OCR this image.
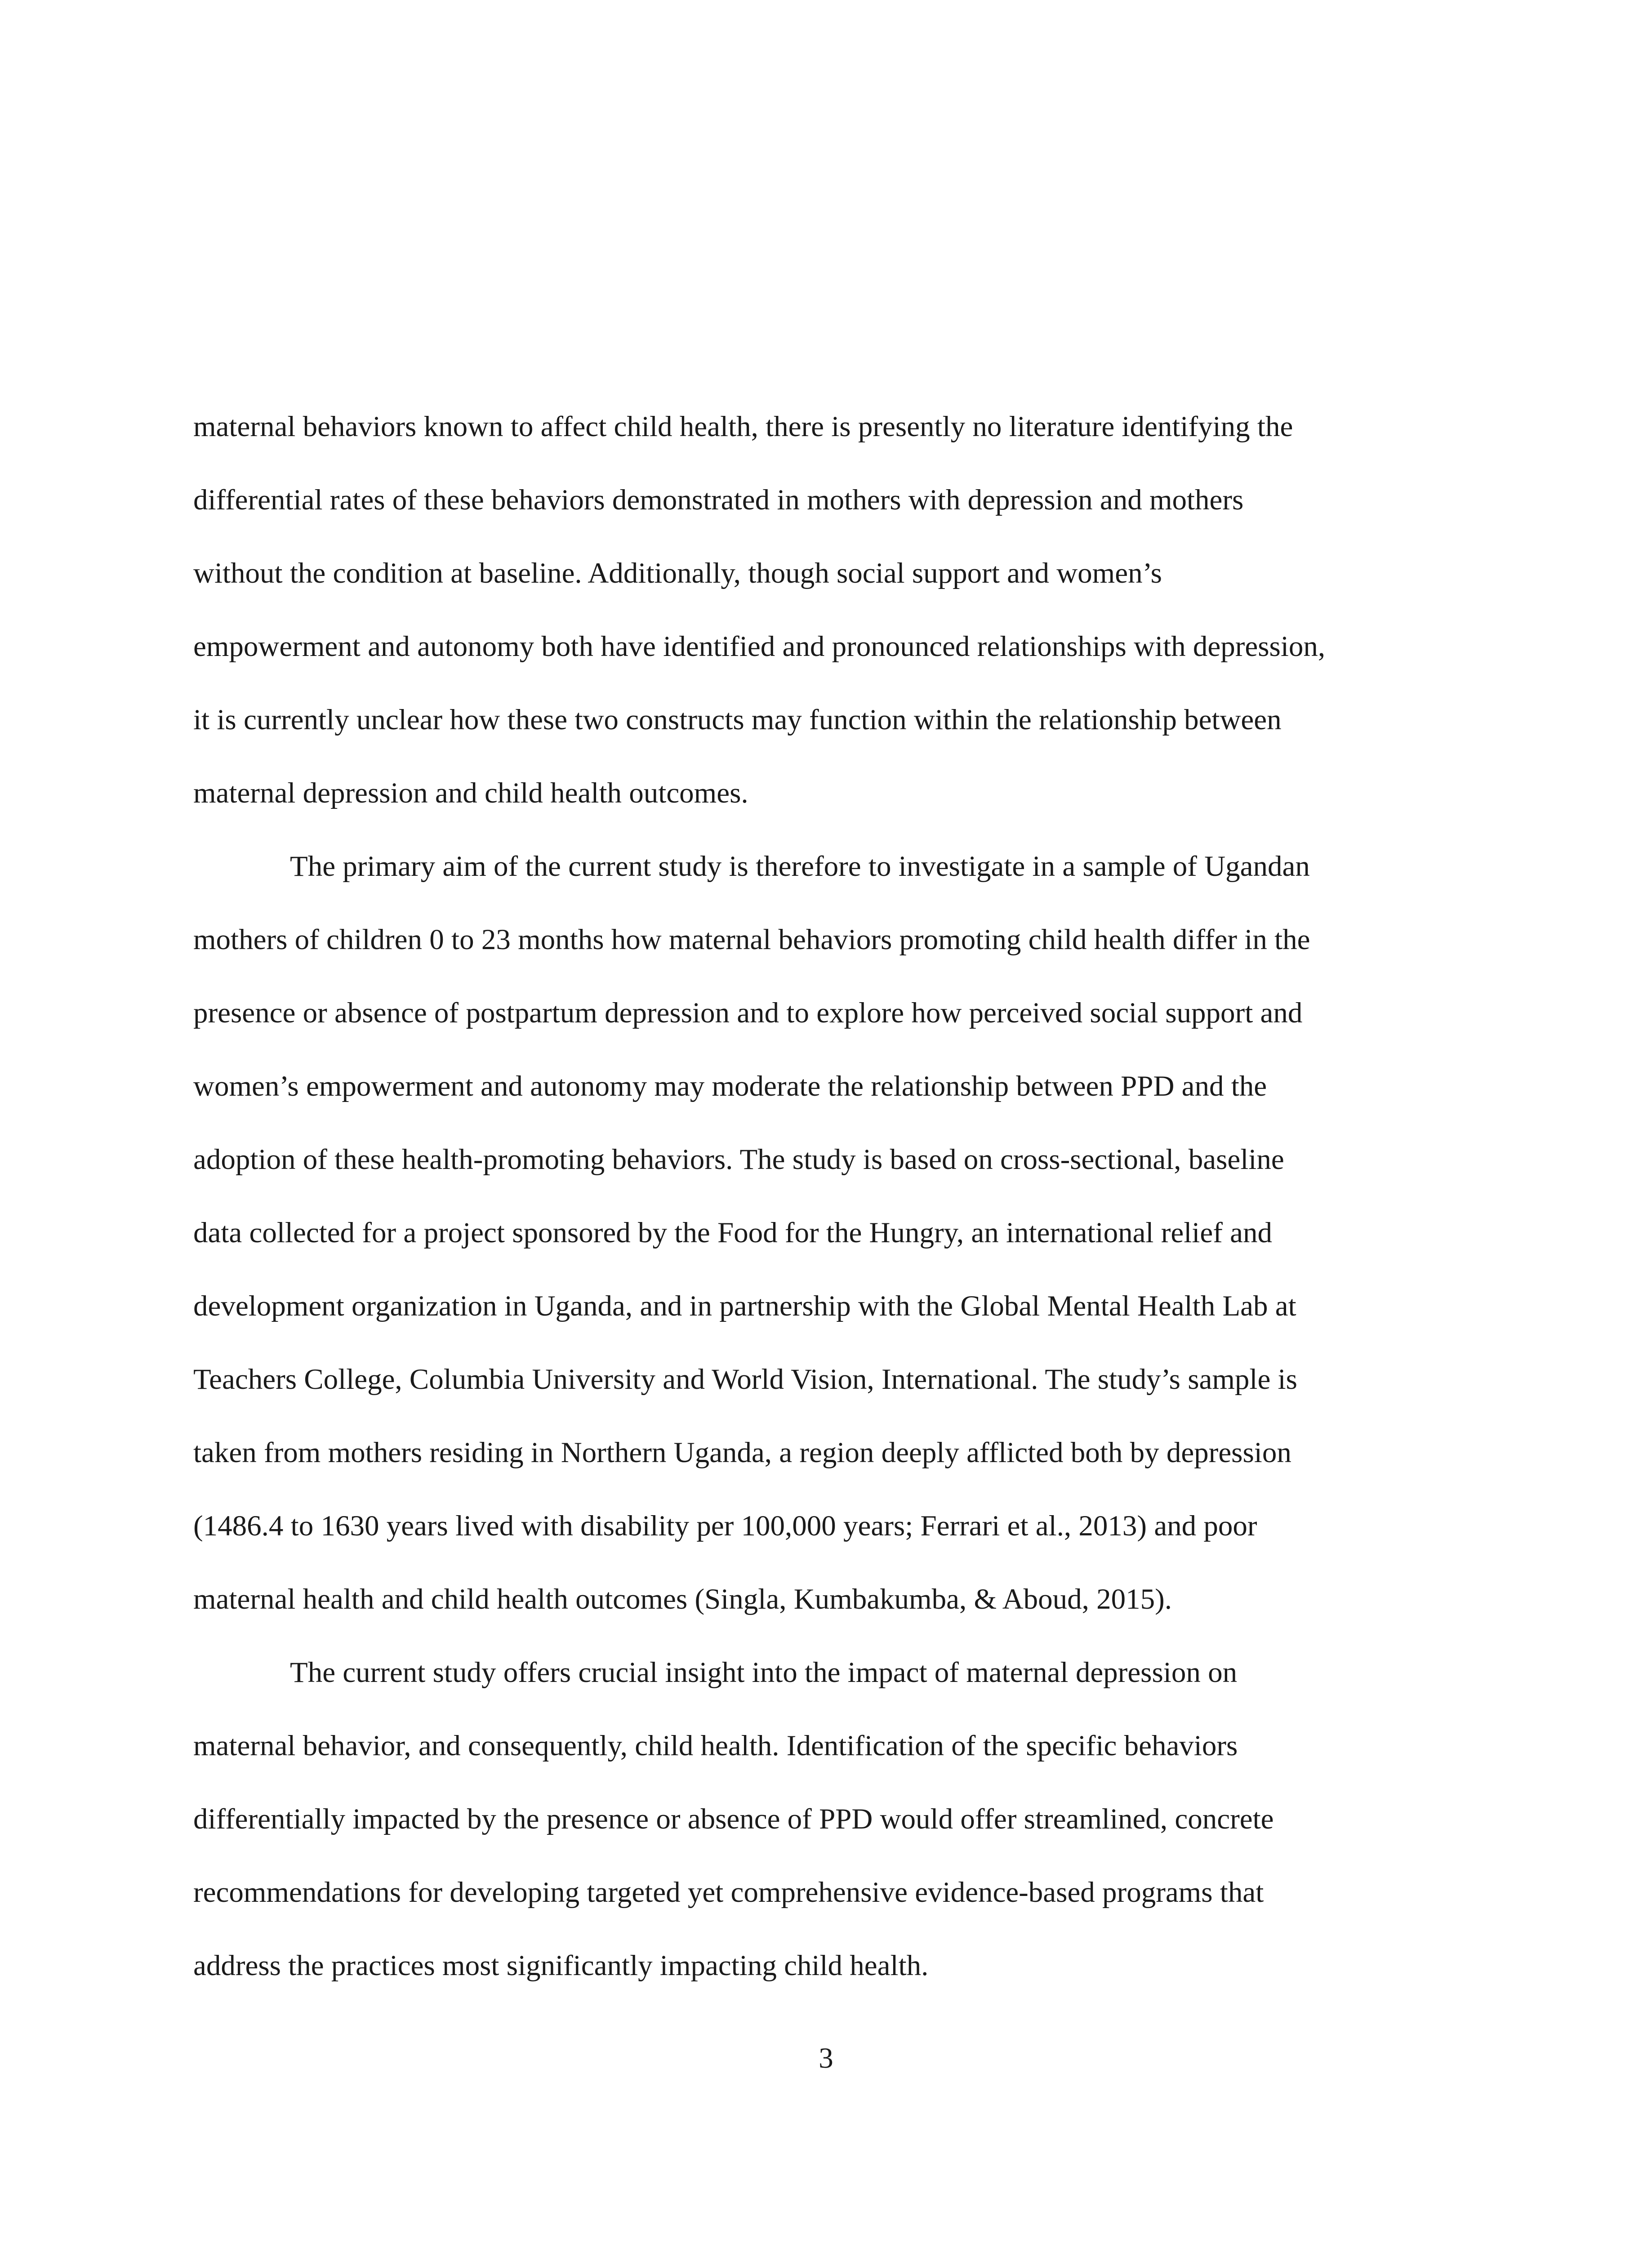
maternal behaviors known to affect child health, there is presently no literature identifying the
differential rates of these behaviors demonstrated in mothers with depression and mothers
without the condition at baseline. Additionally, though social support and women’s
empowerment and autonomy both have identified and pronounced relationships with depression,
it is currently unclear how these two constructs may function within the relationship between
maternal depression and child health outcomes.
The primary aim of the current study is therefore to investigate in a sample of Ugandan
mothers of children 0 to 23 months how maternal behaviors promoting child health differ in the
presence or absence of postpartum depression and to explore how perceived social support and
women’s empowerment and autonomy may moderate the relationship between PPD and the
adoption of these health-promoting behaviors. The study is based on cross-sectional, baseline
data collected for a project sponsored by the Food for the Hungry, an international relief and
development organization in Uganda, and in partnership with the Global Mental Health Lab at
Teachers College, Columbia University and World Vision, International. The study’s sample is
taken from mothers residing in Northern Uganda, a region deeply afflicted both by depression
(1486.4 to 1630 years lived with disability per 100,000 years; Ferrari et al., 2013) and poor
maternal health and child health outcomes (Singla, Kumbakumba, & Aboud, 2015).
The current study offers crucial insight into the impact of maternal depression on
maternal behavior, and consequently, child health. Identification of the specific behaviors
differentially impacted by the presence or absence of PPD would offer streamlined, concrete
recommendations for developing targeted yet comprehensive evidence-based programs that
address the practices most significantly impacting child health.
3
